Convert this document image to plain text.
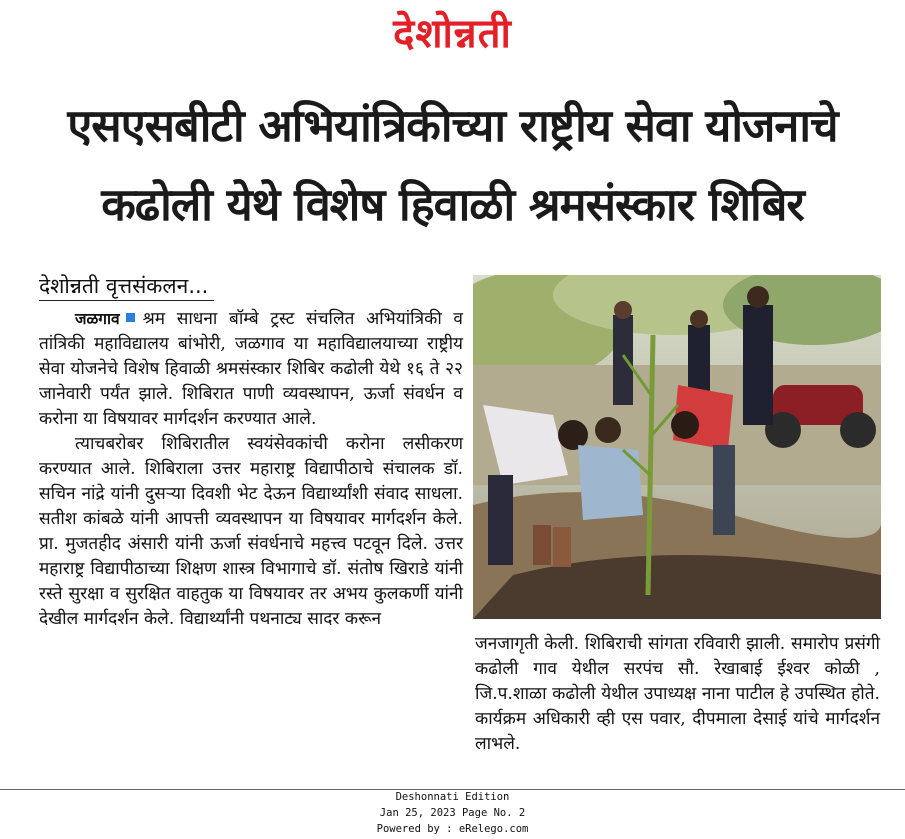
देशोन्नती
एसएसबीटी अभियांत्रिकीच्या राष्ट्रीय सेवा योजनाचे
कढोली येथे विशेष हिवाळी श्रमसंस्कार शिबिर
देशोन्नती वृत्तसंकलन...

जळगाव श्रम साधना बॉम्बे ट्रस्ट संचलित अभियांत्रिकी व तांत्रिकी महाविद्यालय बांभोरी, जळगाव या महाविद्यालयाच्या राष्ट्रीय सेवा योजनेचे विशेष हिवाळी श्रमसंस्कार शिबिर कढोली येथे १६ ते २२ जानेवारी पर्यंत झाले. शिबिरात पाणी व्यवस्थापन, ऊर्जा संवर्धन व करोना या विषयावर मार्गदर्शन करण्यात आले.

त्याचबरोबर शिबिरातील स्वयंसेवकांची करोना लसीकरण करण्यात आले. शिबिराला उत्तर महाराष्ट्र विद्यापीठाचे संचालक डॉ. सचिन नांद्रे यांनी दुसऱ्या दिवशी भेट देऊन विद्यार्थ्यांशी संवाद साधला. सतीश कांबळे यांनी आपत्ती व्यवस्थापन या विषयावर मार्गदर्शन केले. प्रा. मुजतहीद अंसारी यांनी ऊर्जा संवर्धनाचे महत्त्व पटवून दिले. उत्तर महाराष्ट्र विद्यापीठाच्या शिक्षण शास्त्र विभागाचे डॉ. संतोष खिराडे यांनी रस्ते सुरक्षा व सुरक्षित वाहतुक या विषयावर तर अभय कुलकर्णी यांनी देखील मार्गदर्शन केले. विद्यार्थ्यांनी पथनाट्य सादर करून

जनजागृती केली. शिबिराची सांगता रविवारी झाली. समारोप प्रसंगी कढोली गाव येथील सरपंच सौ. रेखाबाई ईश्वर कोळी , जि.प.शाळा कढोली येथील उपाध्यक्ष नाना पाटील हे उपस्थित होते. कार्यक्रम अधिकारी व्ही एस पवार, दीपमाला देसाई यांचे मार्गदर्शन लाभले.

Deshonnati Edition
Jan 25, 2023 Page No. 2
Powered by : eRelego.com
